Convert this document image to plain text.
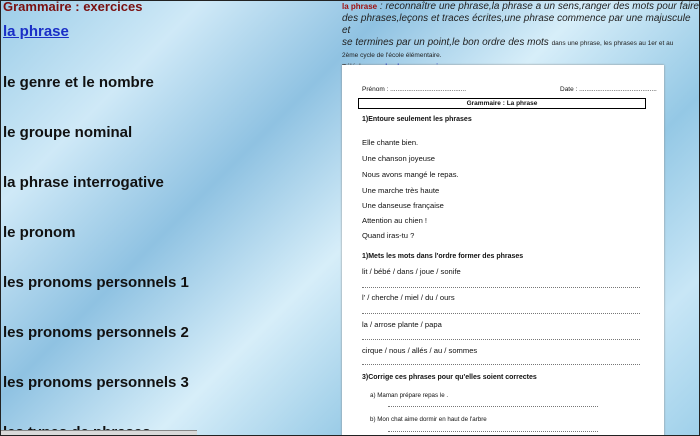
Grammaire : exercices
la phrase
le genre et le nombre
le groupe nominal
la phrase interrogative
le pronom
les pronoms personnels 1
les pronoms personnels 2
les pronoms personnels 3
la phrase : reconnaître une phrase,la phrase a un sens,ranger des mots pour faire
des phrases,leçons et traces écrites,une phrase commence par une majuscule et
se termines par un point,le bon ordre des mots dans une phrase, les phrases au 1er et au
2ème cycle de l'école élémentaire.
Prénom : ..........................................	Date : ...........................................
Grammaire : La phrase
1)Entoure seulement les phrases
Elle chante bien.
Une chanson joyeuse
Nous avons mangé le repas.
Une marche très haute
Une danseuse française
Attention au chien !
Quand iras-tu ?
1)Mets les mots dans l'ordre former des phrases
lit / bébé / dans / joue / sonife
l' / cherche / miel / du / ours
la / arrose plante / papa
cirque / nous / allés / au / sommes
3)Corrige ces phrases pour qu'elles soient correctes
a) Maman prépare repas le .
b) Mon chat aime dormir en haut de l'arbre
